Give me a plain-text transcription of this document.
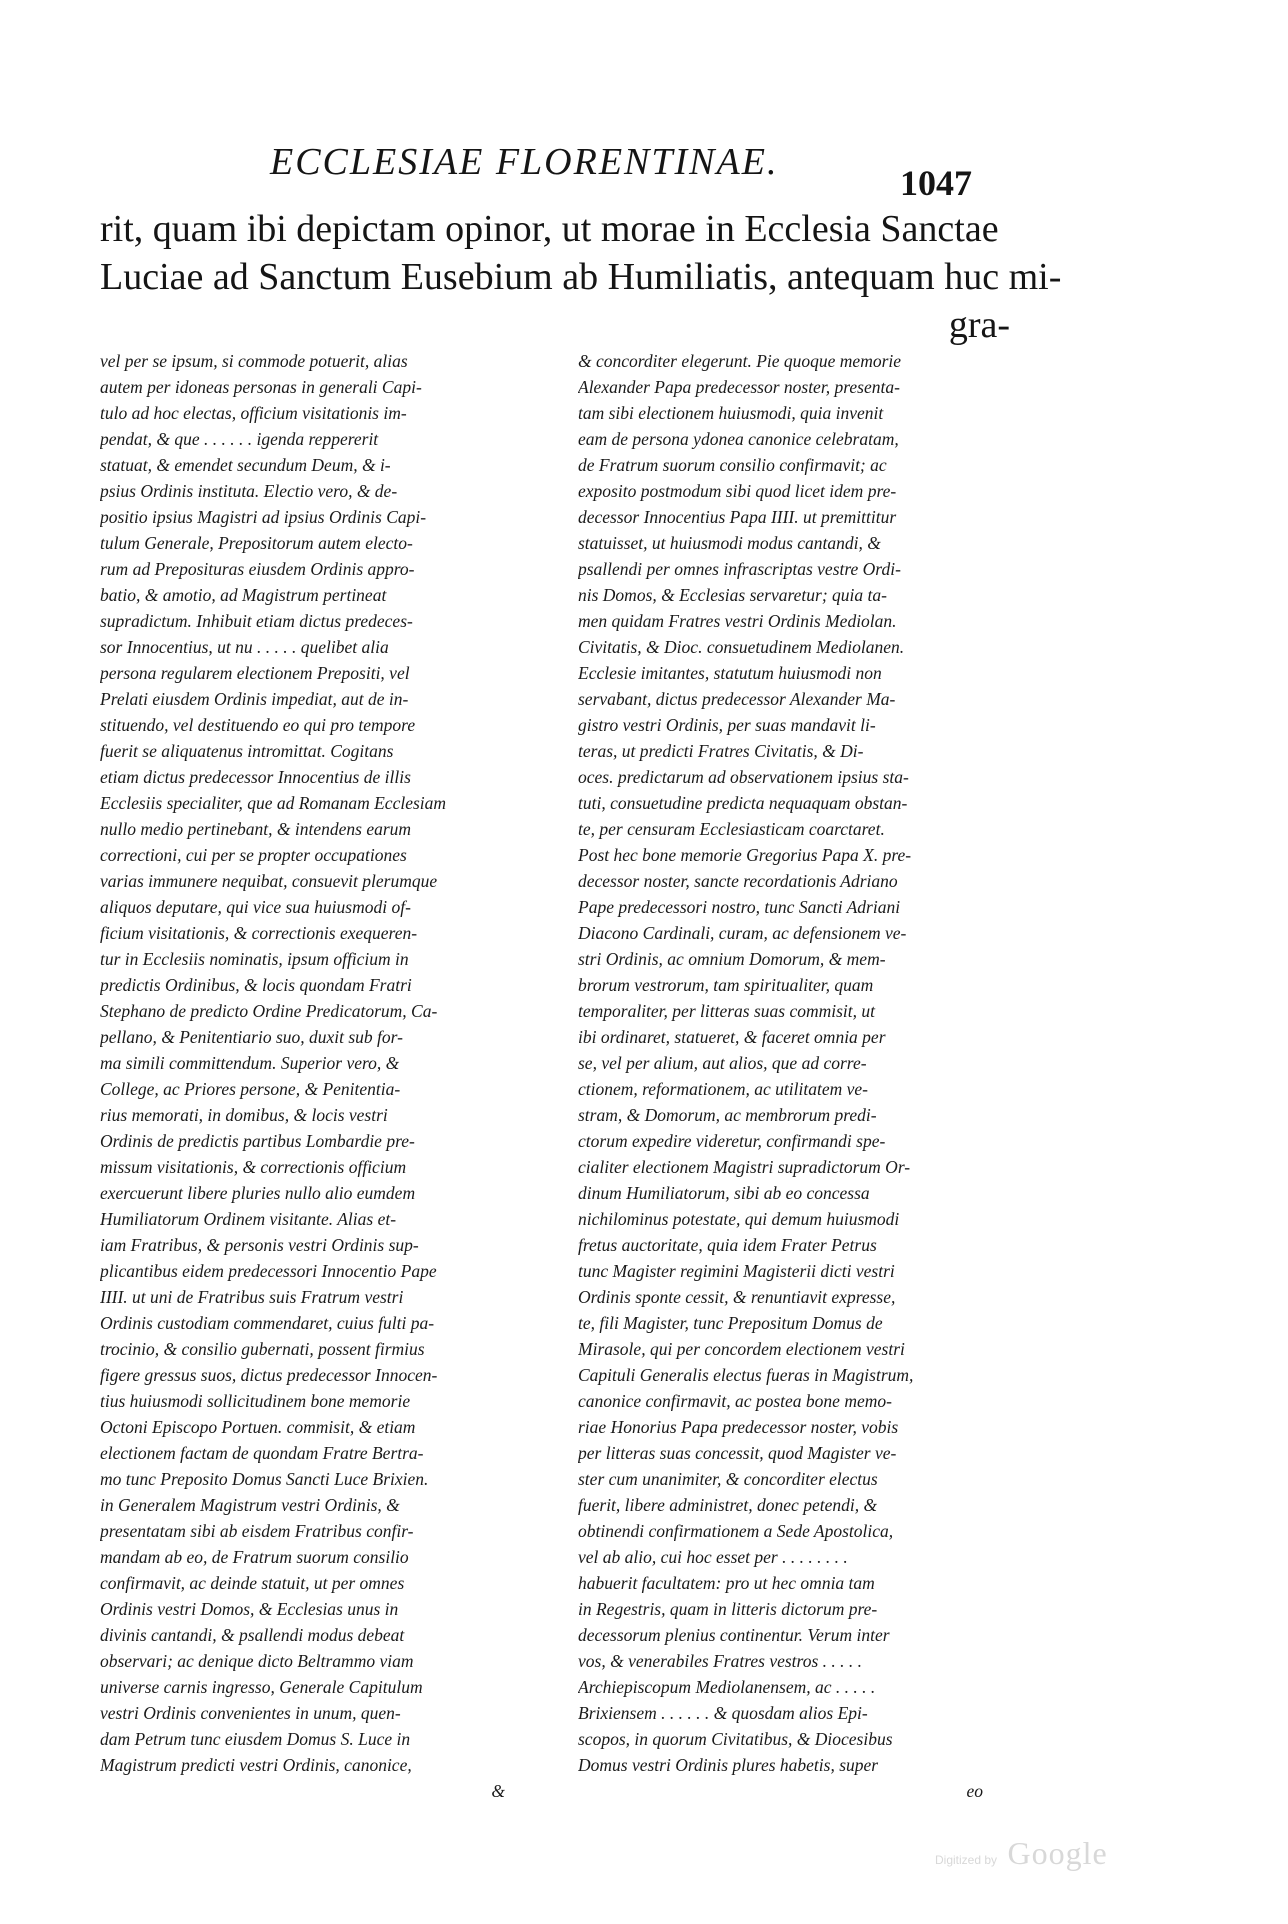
ECCLESIAE FLORENTINAE.	1047
rit, quam ibi depictam opinor, ut morae in Ecclesia Sanctae
Luciae ad Sanctum Eusebium ab Humiliatis, antequam huc mi-
gra-
vel per se ipsum, si commode potuerit, alias
autem per idoneas personas in generali Capi-
tulo ad hoc electas, officium visitationis im-
pendat, & que . . . . . . igenda reppererit
statuat, & emendet secundum Deum, & i-
psius Ordinis instituta. Electio vero, & de-
positio ipsius Magistri ad ipsius Ordinis Capi-
tulum Generale, Prepositorum autem electo-
rum ad Preposituras eiusdem Ordinis appro-
batio, & amotio, ad Magistrum pertineat
supradictum. Inhibuit etiam dictus predeces-
sor Innocentius, ut nu . . . . . quelibet alia
persona regularem electionem Prepositi, vel
Prelati eiusdem Ordinis impediat, aut de in-
stituendo, vel destituendo eo qui pro tempore
fuerit se aliquatenus intromittat. Cogitans
etiam dictus predecessor Innocentius de illis
Ecclesiis specialiter, que ad Romanam Ecclesiam
nullo medio pertinebant, & intendens earum
correctioni, cui per se propter occupationes
varias immunere nequibat, consuevit plerumque
aliquos deputare, qui vice sua huiusmodi of-
ficium visitationis, & correctionis exequeren-
tur in Ecclesiis nominatis, ipsum officium in
predictis Ordinibus, & locis quondam Fratri
Stephano de predicto Ordine Predicatorum, Ca-
pellano, & Penitentiario suo, duxit sub for-
ma simili committendum. Superior vero, &
College, ac Priores persone, & Penitentia-
rius memorati, in domibus, & locis vestri
Ordinis de predictis partibus Lombardie pre-
missum visitationis, & correctionis officium
exercuerunt libere pluries nullo alio eumdem
Humiliatorum Ordinem visitante. Alias et-
iam Fratribus, & personis vestri Ordinis sup-
plicantibus eidem predecessori Innocentio Pape
IIII. ut uni de Fratribus suis Fratrum vestri
Ordinis custodiam commendaret, cuius fulti pa-
trocinio, & consilio gubernati, possent firmius
figere gressus suos, dictus predecessor Innocen-
tius huiusmodi sollicitudinem bone memorie
Octoni Episcopo Portuen. commisit, & etiam
electionem factam de quondam Fratre Bertra-
mo tunc Preposito Domus Sancti Luce Brixien.
in Generalem Magistrum vestri Ordinis, &
presentatam sibi ab eisdem Fratribus confir-
mandam ab eo, de Fratrum suorum consilio
confirmavit, ac deinde statuit, ut per omnes
Ordinis vestri Domos, & Ecclesias unus in
divinis cantandi, & psallendi modus debeat
observari; ac denique dicto Beltrammo viam
universe carnis ingresso, Generale Capitulum
vestri Ordinis convenientes in unum, quen-
dam Petrum tunc eiusdem Domus S. Luce in
Magistrum predicti vestri Ordinis, canonice,
&
& concorditer elegerunt. Pie quoque memorie
Alexander Papa predecessor noster, presenta-
tam sibi electionem huiusmodi, quia invenit
eam de persona ydonea canonice celebratam,
de Fratrum suorum consilio confirmavit; ac
exposito postmodum sibi quod licet idem pre-
decessor Innocentius Papa IIII. ut premittitur
statuisset, ut huiusmodi modus cantandi, &
psallendi per omnes infrascriptas vestre Ordi-
nis Domos, & Ecclesias servaretur; quia ta-
men quidam Fratres vestri Ordinis Mediolan.
Civitatis, & Dioc. consuetudinem Mediolanen.
Ecclesie imitantes, statutum huiusmodi non
servabant, dictus predecessor Alexander Ma-
gistro vestri Ordinis, per suas mandavit li-
teras, ut predicti Fratres Civitatis, & Di-
oces. predictarum ad observationem ipsius sta-
tuti, consuetudine predicta nequaquam obstan-
te, per censuram Ecclesiasticam coarctaret.
Post hec bone memorie Gregorius Papa X. pre-
decessor noster, sancte recordationis Adriano
Pape predecessori nostro, tunc Sancti Adriani
Diacono Cardinali, curam, ac defensionem ve-
stri Ordinis, ac omnium Domorum, & mem-
brorum vestrorum, tam spiritualiter, quam
temporaliter, per litteras suas commisit, ut
ibi ordinaret, statueret, & faceret omnia per
se, vel per alium, aut alios, que ad corre-
ctionem, reformationem, ac utilitatem ve-
stram, & Domorum, ac membrorum predi-
ctorum expedire videretur, confirmandi spe-
cialiter electionem Magistri supradictorum Or-
dinum Humiliatorum, sibi ab eo concessa
nichilominus potestate, qui demum huiusmodi
fretus auctoritate, quia idem Frater Petrus
tunc Magister regimini Magisterii dicti vestri
Ordinis sponte cessit, & renuntiavit expresse,
te, fili Magister, tunc Prepositum Domus de
Mirasole, qui per concordem electionem vestri
Capituli Generalis electus fueras in Magistrum,
canonice confirmavit, ac postea bone memo-
riae Honorius Papa predecessor noster, vobis
per litteras suas concessit, quod Magister ve-
ster cum unanimiter, & concorditer electus
fuerit, libere administret, donec petendi, &
obtinendi confirmationem a Sede Apostolica,
vel ab alio, cui hoc esset per . . . . . . . .
habuerit facultatem: pro ut hec omnia tam
in Regestris, quam in litteris dictorum pre-
decessorum plenius continentur. Verum inter
vos, & venerabiles Fratres vestros . . . . .
Archiepiscopum Mediolanensem, ac . . . . .
Brixiensem . . . . . . & quosdam alios Epi-
scopos, in quorum Civitatibus, & Diocesibus
Domus vestri Ordinis plures habetis, super
eo
Digitized by Google
